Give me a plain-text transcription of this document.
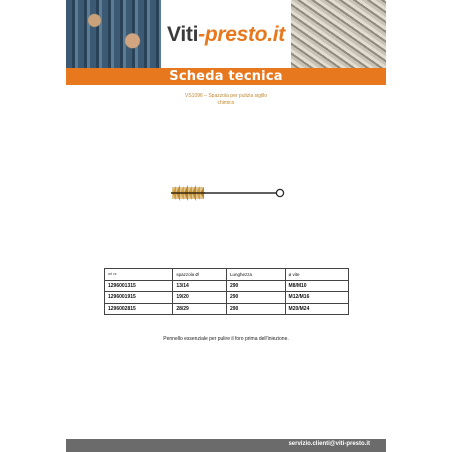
Viti-presto.it
Scheda tecnica
VS1096 – Spazzola per pulizia sigillo
chimico
art vs	spazzola Ø	Lunghezza	ø vite
1296001315	13/14	290	M8/M10
1296001915	19/20	290	M12/M16
1296002815	28/29	290	M20/M24
Pennello essenziale per pulire il foro prima dell'iniezione.
servizio.clienti@viti-presto.it
